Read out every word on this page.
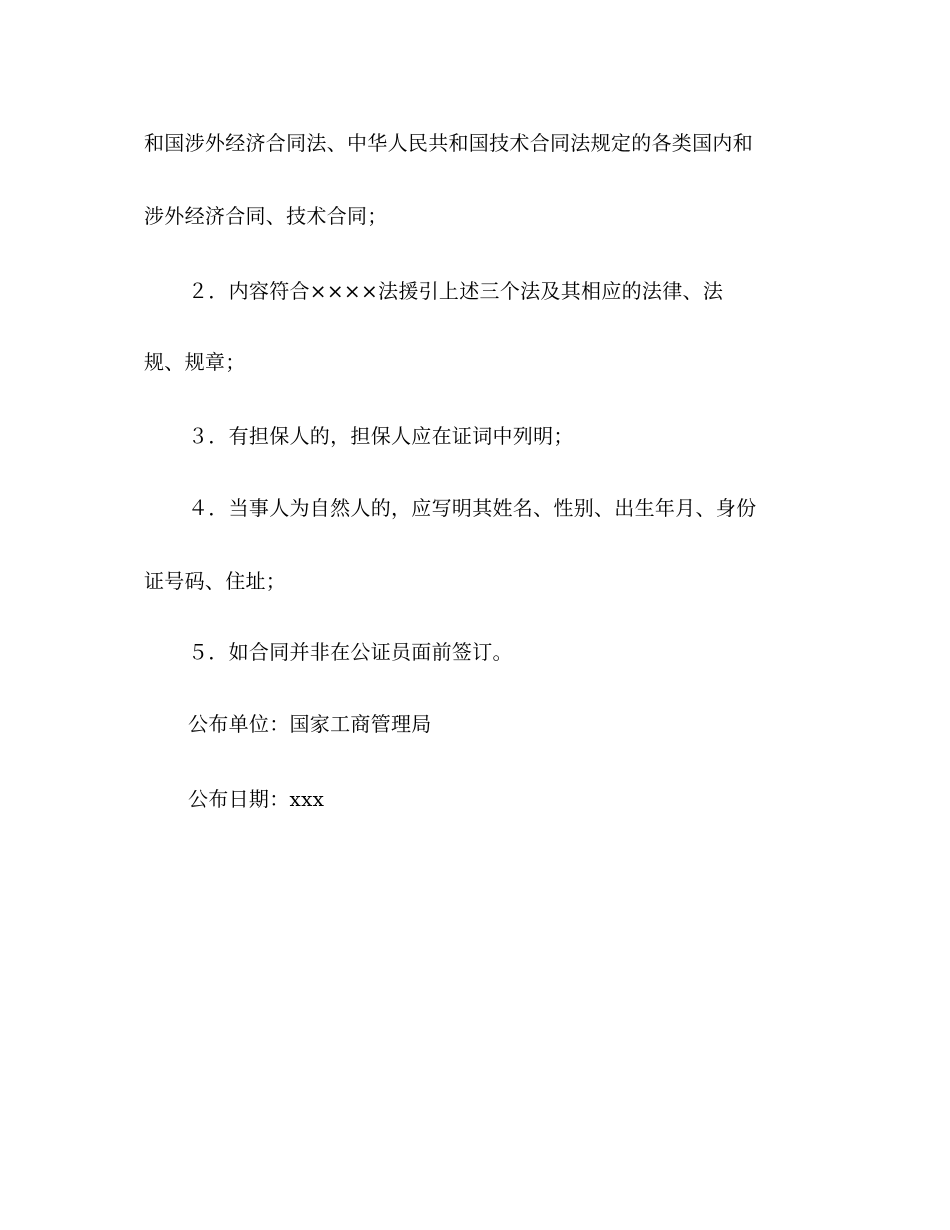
和国涉外经济合同法、中华人民共和国技术合同法规定的各类国内和
涉外经济合同、技术合同；
２．内容符合××××法援引上述三个法及其相应的法律、法
规、规章；
３．有担保人的，担保人应在证词中列明；
４．当事人为自然人的，应写明其姓名、性别、出生年月、身份
证号码、住址；
５．如合同并非在公证员面前签订。
公布单位：国家工商管理局
公布日期：xxx
